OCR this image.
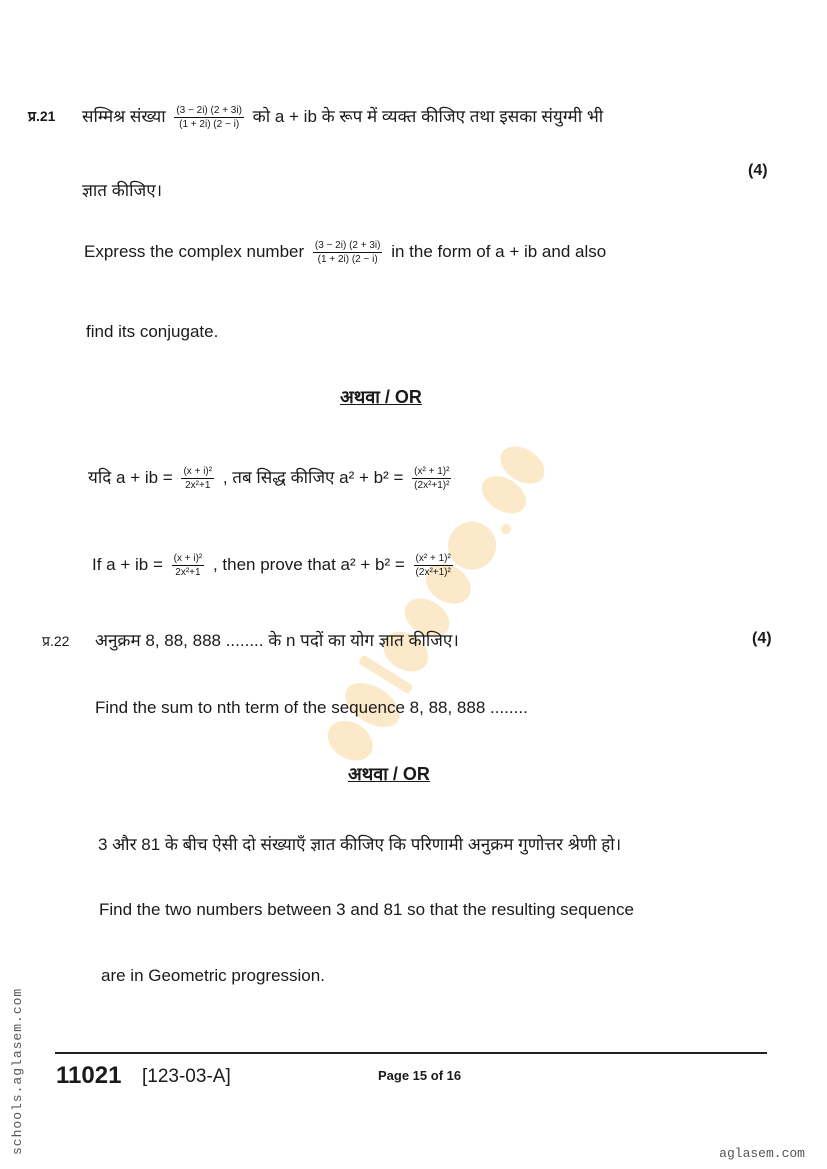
प्र.21 सम्मिश्र संख्या $\frac{(3 - 2i) (2 + 3i)}{(1 + 2i) (2 - i)}$ को a + ib के रूप में व्यक्त कीजिए तथा इसका संयुग्मी भी
(4)
ज्ञात कीजिए।
Express the complex number $\frac{(3 - 2i) (2 + 3i)}{(1 + 2i) (2 - i)}$ in the form of a + ib and also
find its conjugate.
अथवा / OR
यदि a + ib = $\frac{\text{(x + i)²}}{\text{2x²+1}}$ , तब सिद्ध कीजिए $a^2 + b^2 = \frac{\text{(x² + 1)²}}{\text{(2x²+1)²}}$
If a + ib = $\frac{\text{(x + i)²}}{\text{2x²+1}}$ , then prove that $a^2 + b^2 = \frac{\text{(x² + 1)²}}{\text{(2x²+1)²}}$
प्र.22 अनुक्रम 8, 88, 888 ........ के n पदों का योग ज्ञात कीजिए।	(4)
Find the sum to nth term of the sequence 8, 88, 888 ........
अथवा / OR
3 और 81 के बीच ऐसी दो संख्याएँ ज्ञात कीजिए कि परिणामी अनुक्रम गुणोत्तर श्रेणी हो।
Find the two numbers between 3 and 81 so that the resulting sequence
are in Geometric progression.
11021 [123-03-A]	Page 15 of 16
schools.aglasem.com	aglasem.com
